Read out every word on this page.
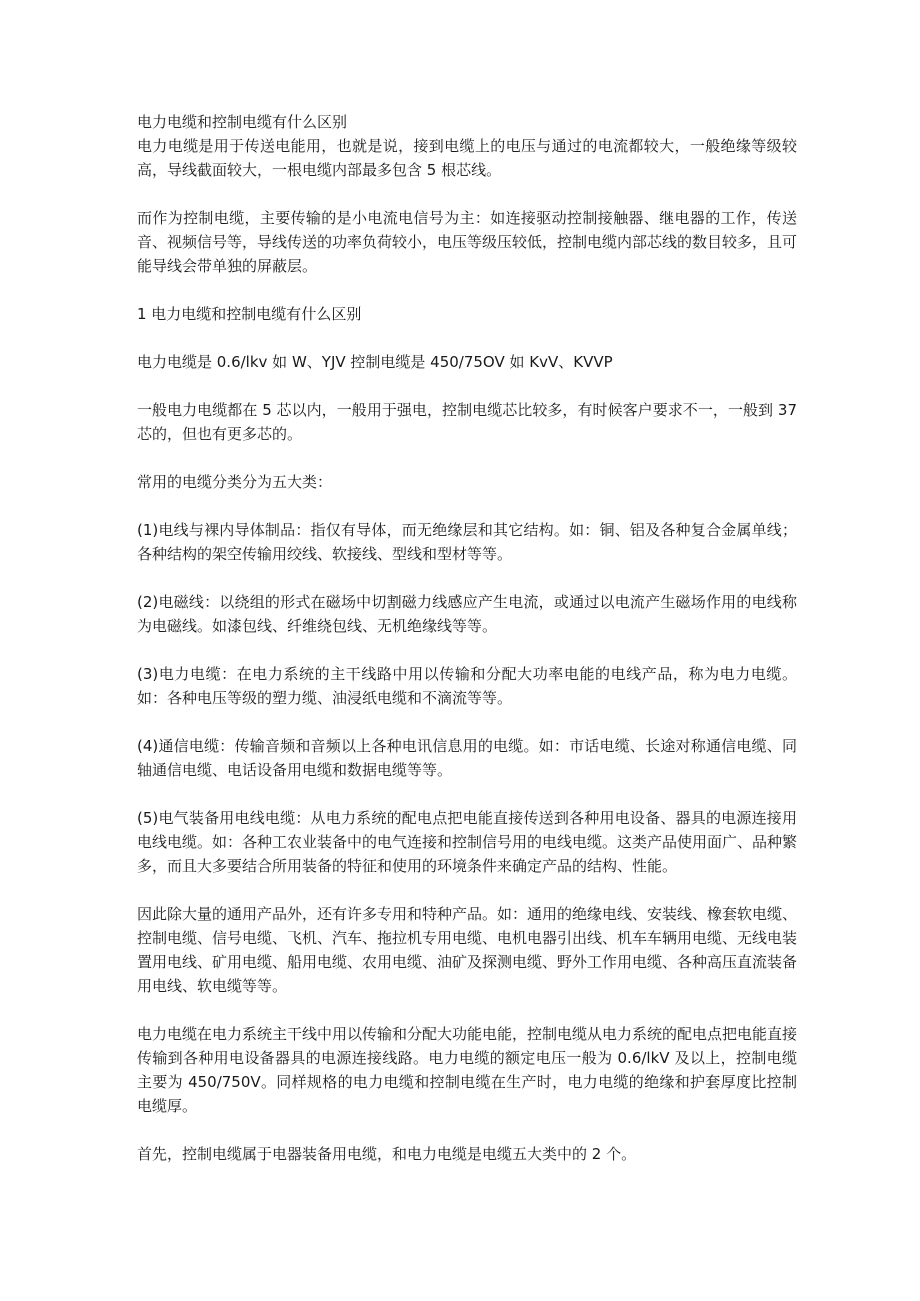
电力电缆和控制电缆有什么区别

电力电缆是用于传送电能用，也就是说，接到电缆上的电压与通过的电流都较大，一般绝缘等级较高，导线截面较大，一根电缆内部最多包含 5 根芯线。

而作为控制电缆，主要传输的是小电流电信号为主：如连接驱动控制接触器、继电器的工作，传送音、视频信号等，导线传送的功率负荷较小，电压等级压较低，控制电缆内部芯线的数目较多，且可能导线会带单独的屏蔽层。

1 电力电缆和控制电缆有什么区别

电力电缆是 0.6/lkv 如 W、YJV 控制电缆是 450/75OV 如 KvV、KVVP

一般电力电缆都在 5 芯以内，一般用于强电，控制电缆芯比较多，有时候客户要求不一，一般到 37 芯的，但也有更多芯的。

常用的电缆分类分为五大类：

(1)电线与裸内导体制品：指仅有导体，而无绝缘层和其它结构。如：铜、铝及各种复合金属单线；各种结构的架空传输用绞线、软接线、型线和型材等等。

(2)电磁线：以绕组的形式在磁场中切割磁力线感应产生电流，或通过以电流产生磁场作用的电线称为电磁线。如漆包线、纤维绕包线、无机绝缘线等等。

(3)电力电缆：在电力系统的主干线路中用以传输和分配大功率电能的电线产品，称为电力电缆。如：各种电压等级的塑力缆、油浸纸电缆和不滴流等等。

(4)通信电缆：传输音频和音频以上各种电讯信息用的电缆。如：市话电缆、长途对称通信电缆、同轴通信电缆、电话设备用电缆和数据电缆等等。

(5)电气装备用电线电缆：从电力系统的配电点把电能直接传送到各种用电设备、器具的电源连接用电线电缆。如：各种工农业装备中的电气连接和控制信号用的电线电缆。这类产品使用面广、品种繁多，而且大多要结合所用装备的特征和使用的环境条件来确定产品的结构、性能。

因此除大量的通用产品外，还有许多专用和特种产品。如：通用的绝缘电线、安装线、橡套软电缆、控制电缆、信号电缆、飞机、汽车、拖拉机专用电缆、电机电器引出线、机车车辆用电缆、无线电装置用电线、矿用电缆、船用电缆、农用电缆、油矿及探测电缆、野外工作用电缆、各种高压直流装备用电线、软电缆等等。

电力电缆在电力系统主干线中用以传输和分配大功能电能，控制电缆从电力系统的配电点把电能直接传输到各种用电设备器具的电源连接线路。电力电缆的额定电压一般为 0.6/lkV 及以上，控制电缆主要为 450∕750V。同样规格的电力电缆和控制电缆在生产时，电力电缆的绝缘和护套厚度比控制电缆厚。

首先，控制电缆属于电器装备用电缆，和电力电缆是电缆五大类中的 2 个。
